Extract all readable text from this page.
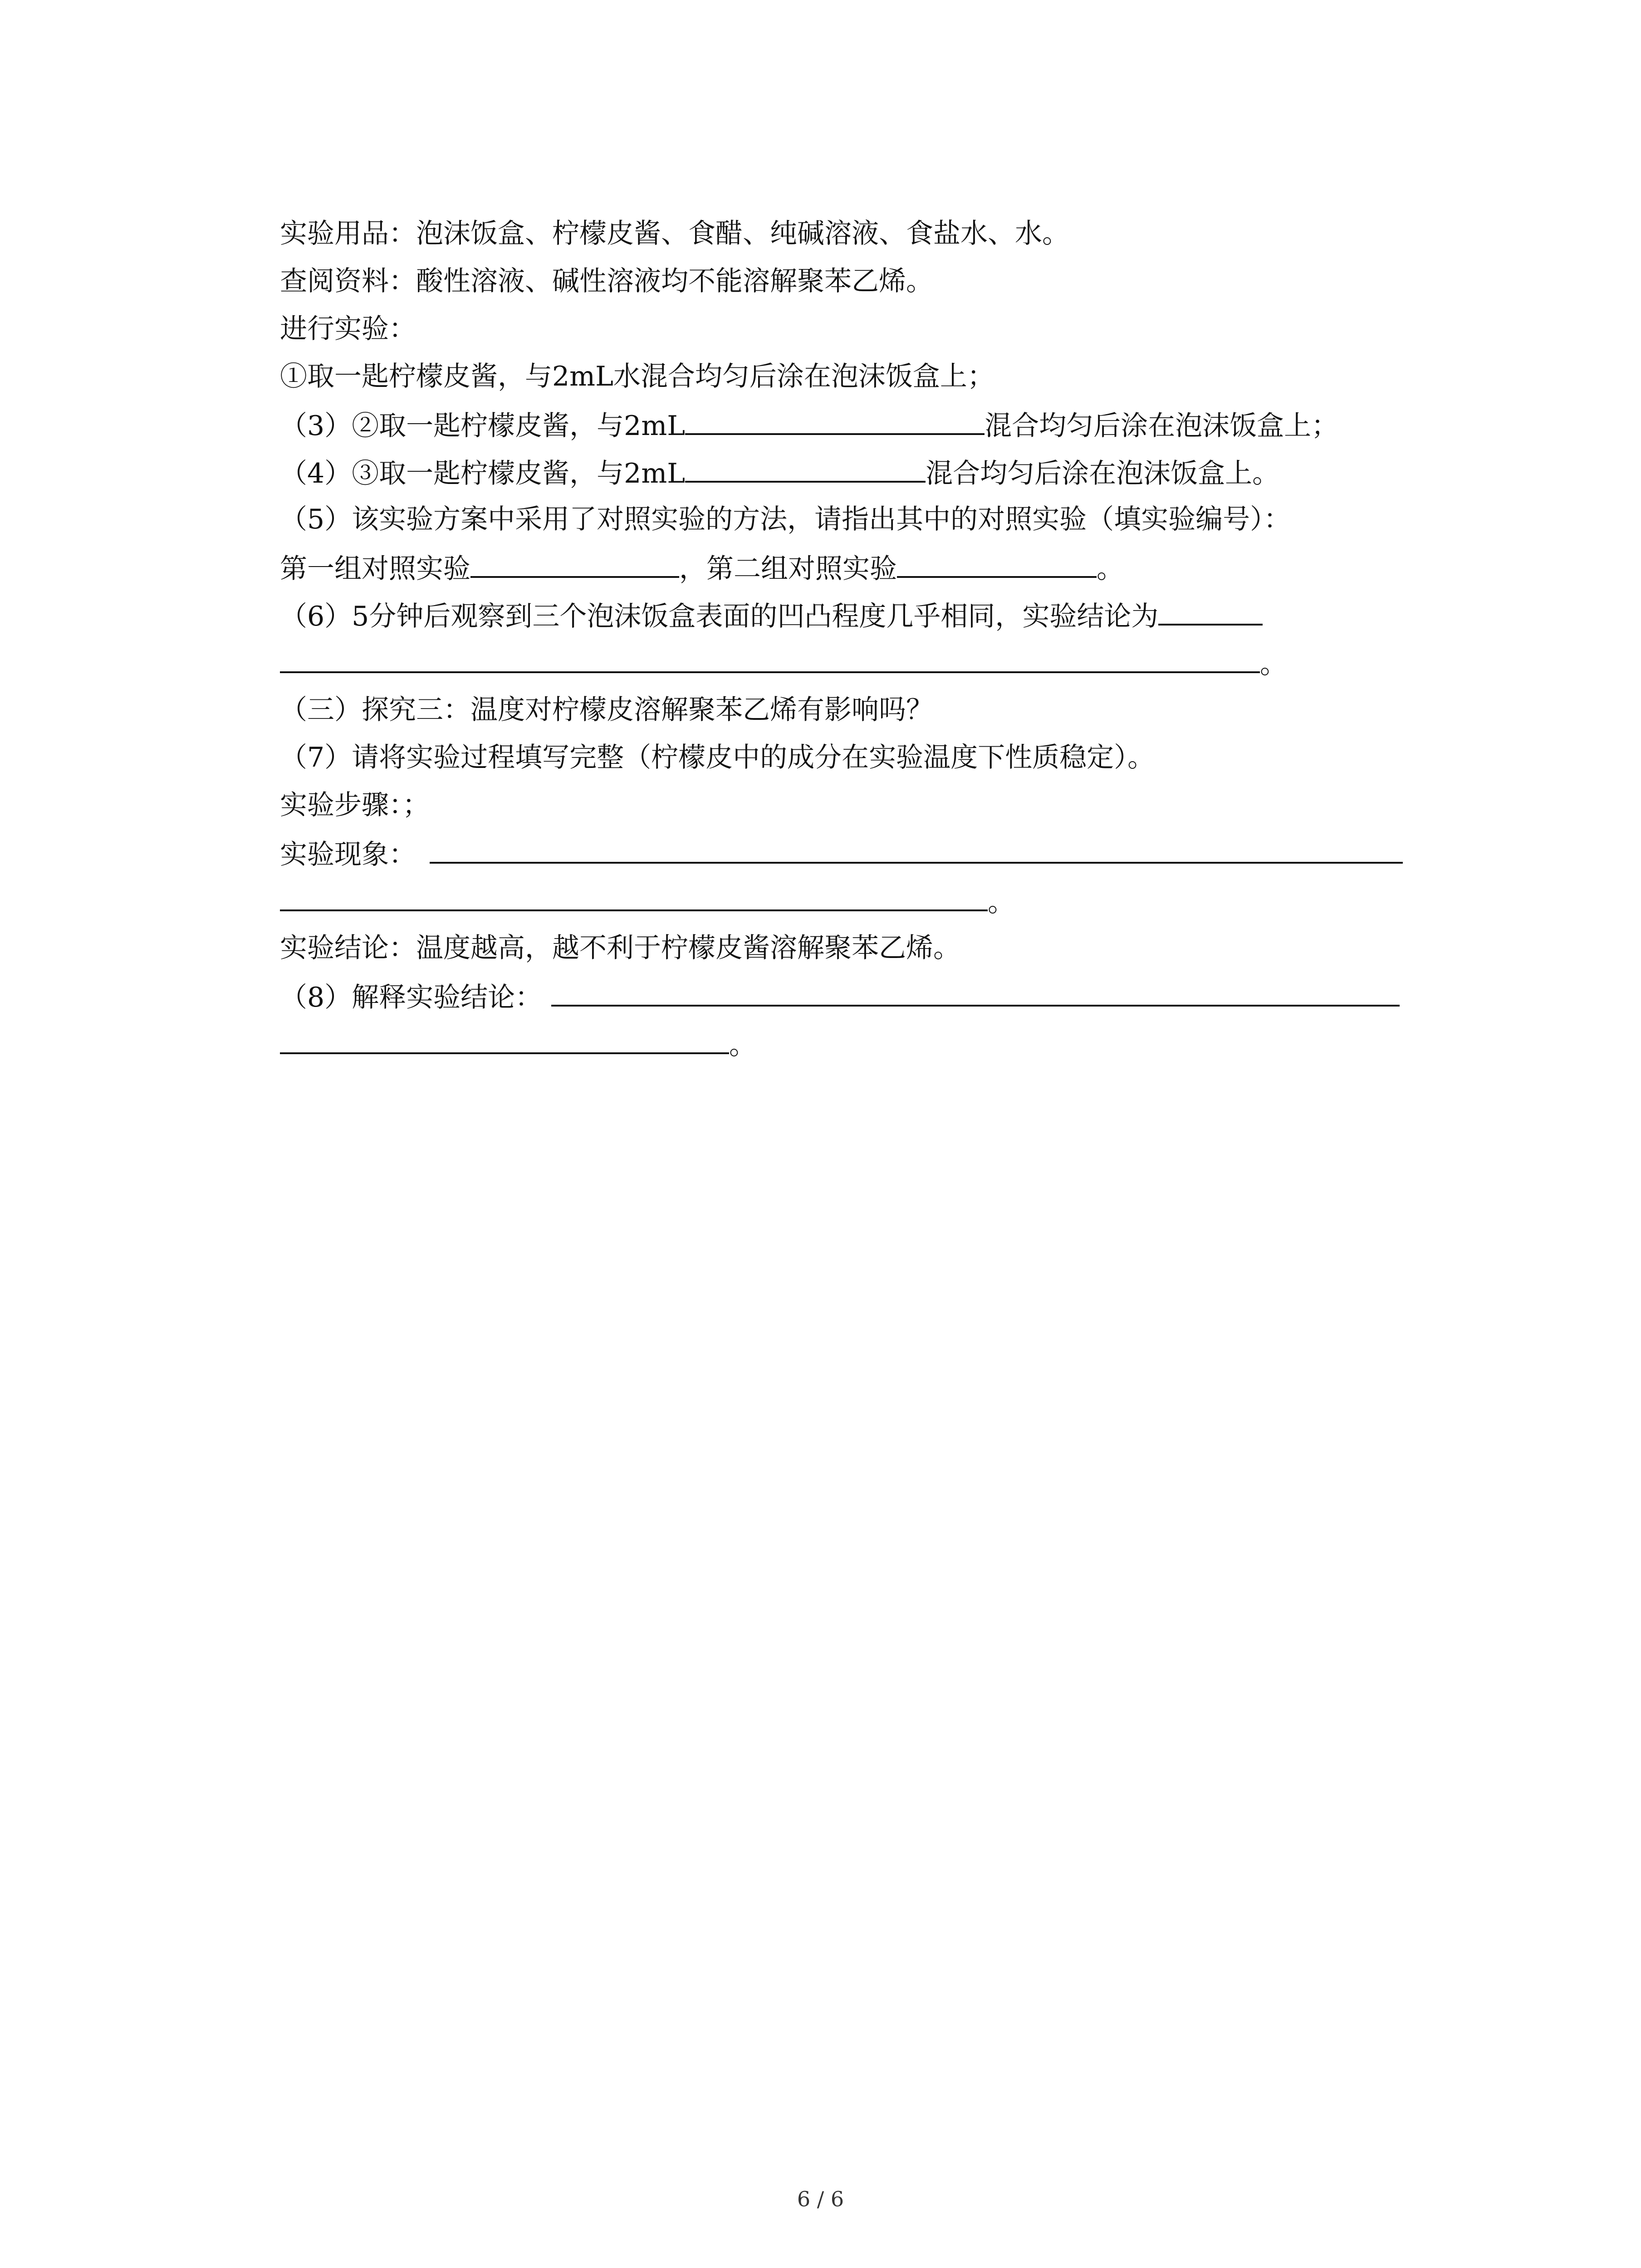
实验用品：泡沫饭盒、柠檬皮酱、食醋、纯碱溶液、食盐水、水。
查阅资料：酸性溶液、碱性溶液均不能溶解聚苯乙烯。
进行实验：
①取一匙柠檬皮酱，与2mL水混合均匀后涂在泡沫饭盒上；
（3）②取一匙柠檬皮酱，与2mL	混合均匀后涂在泡沫饭盒上；
（4）③取一匙柠檬皮酱，与2mL	混合均匀后涂在泡沫饭盒上。
（5）该实验方案中采用了对照实验的方法，请指出其中的对照实验（填实验编号）：
第一组对照实验	，第二组对照实验	。
（6）5分钟后观察到三个泡沫饭盒表面的凹凸程度几乎相同，实验结论为
。
（三）探究三：温度对柠檬皮溶解聚苯乙烯有影响吗？
（7）请将实验过程填写完整（柠檬皮中的成分在实验温度下性质稳定）。
实验步骤：；
实验现象：
。
实验结论：温度越高，越不利于柠檬皮酱溶解聚苯乙烯。
（8）解释实验结论：
。
6 / 6
